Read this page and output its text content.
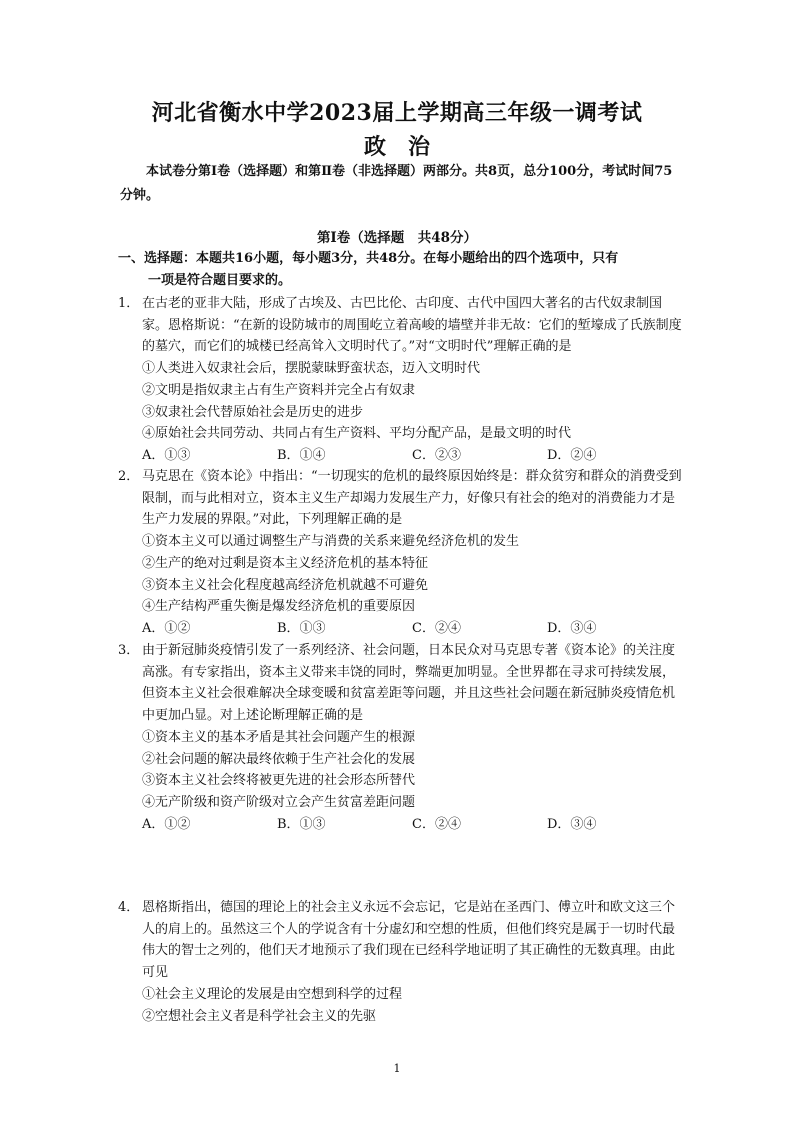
河北省衡水中学2023届上学期高三年级一调考试
政治
本试卷分第Ⅰ卷（选择题）和第Ⅱ卷（非选择题）两部分。共8页，总分100分，考试时间75分钟。
第Ⅰ卷（选择题　共48分）
一、选择题：本题共16小题，每小题3分，共48分。在每小题给出的四个选项中，只有
一项是符合题目要求的。
1． 在古老的亚非大陆，形成了古埃及、古巴比伦、古印度、古代中国四大著名的古代奴隶制国家。恩格斯说：“在新的设防城市的周围屹立着高峻的墙壁并非无故：它们的堑壕成了氏族制度的墓穴，而它们的城楼已经高耸入文明时代了。”对“文明时代”理解正确的是
①人类进入奴隶社会后，摆脱蒙昧野蛮状态，迈入文明时代
②文明是指奴隶主占有生产资料并完全占有奴隶
③奴隶社会代替原始社会是历史的进步
④原始社会共同劳动、共同占有生产资料、平均分配产品，是最文明的时代
A．①③	B．①④	C．②③	D．②④
2． 马克思在《资本论》中指出：“一切现实的危机的最终原因始终是：群众贫穷和群众的消费受到限制，而与此相对立，资本主义生产却竭力发展生产力，好像只有社会的绝对的消费能力才是生产力发展的界限。”对此，下列理解正确的是
①资本主义可以通过调整生产与消费的关系来避免经济危机的发生
②生产的绝对过剩是资本主义经济危机的基本特征
③资本主义社会化程度越高经济危机就越不可避免
④生产结构严重失衡是爆发经济危机的重要原因
A．①②	B．①③	C．②④	D．③④
3． 由于新冠肺炎疫情引发了一系列经济、社会问题，日本民众对马克思专著《资本论》的关注度高涨。有专家指出，资本主义带来丰饶的同时，弊端更加明显。全世界都在寻求可持续发展，但资本主义社会很难解决全球变暖和贫富差距等问题，并且这些社会问题在新冠肺炎疫情危机中更加凸显。对上述论断理解正确的是
①资本主义的基本矛盾是其社会问题产生的根源
②社会问题的解决最终依赖于生产社会化的发展
③资本主义社会终将被更先进的社会形态所替代
④无产阶级和资产阶级对立会产生贫富差距问题
A．①②	B．①③	C．②④	D．③④
4． 恩格斯指出，德国的理论上的社会主义永远不会忘记，它是站在圣西门、傅立叶和欧文这三个人的肩上的。虽然这三个人的学说含有十分虚幻和空想的性质，但他们终究是属于一切时代最伟大的智士之列的，他们天才地预示了我们现在已经科学地证明了其正确性的无数真理。由此可见
①社会主义理论的发展是由空想到科学的过程
②空想社会主义者是科学社会主义的先驱
1
